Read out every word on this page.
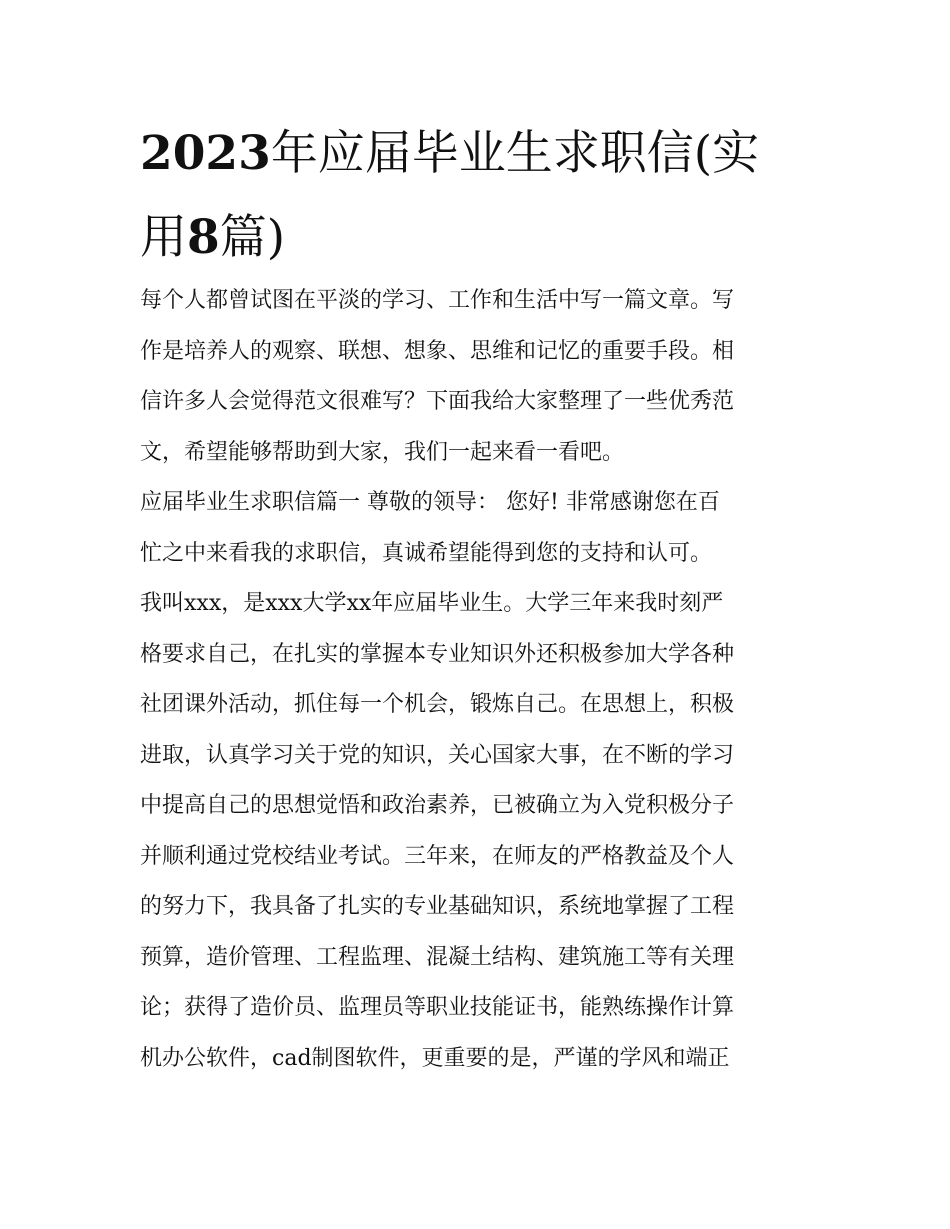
2023年应届毕业生求职信(实
用8篇)
每个人都曾试图在平淡的学习、工作和生活中写一篇文章。写
作是培养人的观察、联想、想象、思维和记忆的重要手段。相
信许多人会觉得范文很难写？下面我给大家整理了一些优秀范
文，希望能够帮助到大家，我们一起来看一看吧。
应届毕业生求职信篇一 尊敬的领导： 您好! 非常感谢您在百
忙之中来看我的求职信，真诚希望能得到您的支持和认可。
我叫xxx，是xxx大学xx年应届毕业生。大学三年来我时刻严
格要求自己，在扎实的掌握本专业知识外还积极参加大学各种
社团课外活动，抓住每一个机会，锻炼自己。在思想上，积极
进取，认真学习关于党的知识，关心国家大事，在不断的学习
中提高自己的思想觉悟和政治素养，已被确立为入党积极分子
并顺利通过党校结业考试。三年来，在师友的严格教益及个人
的努力下，我具备了扎实的专业基础知识，系统地掌握了工程
预算，造价管理、工程监理、混凝土结构、建筑施工等有关理
论；获得了造价员、监理员等职业技能证书，能熟练操作计算
机办公软件，cad制图软件，更重要的是，严谨的学风和端正
